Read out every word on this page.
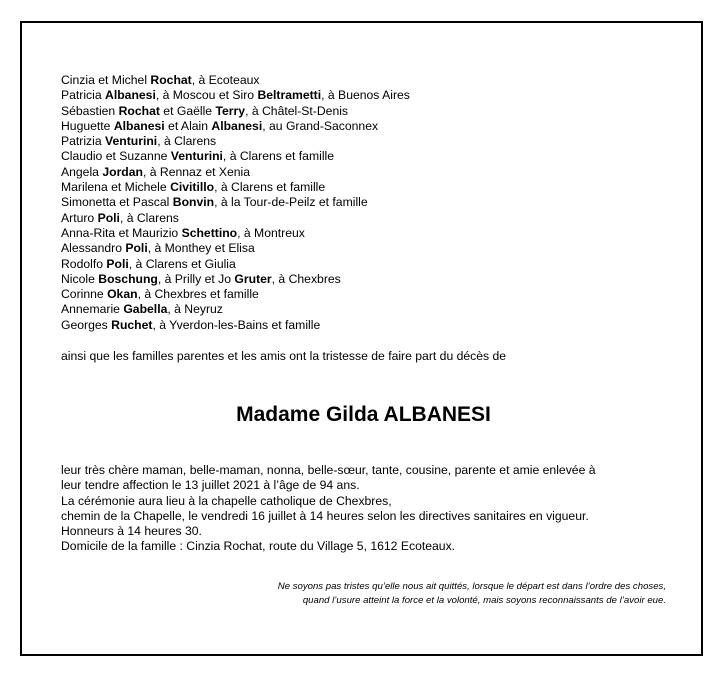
Cinzia et Michel Rochat, à Ecoteaux
Patricia Albanesi, à Moscou et Siro Beltrametti, à Buenos Aires
Sébastien Rochat et Gaëlle Terry, à Châtel-St-Denis
Huguette Albanesi et Alain Albanesi, au Grand-Saconnex
Patrizia Venturini, à Clarens
Claudio et Suzanne Venturini, à Clarens et famille
Angela Jordan, à Rennaz et Xenia
Marilena et Michele Civitillo, à Clarens et famille
Simonetta et Pascal Bonvin, à la Tour-de-Peilz et famille
Arturo Poli, à Clarens
Anna-Rita et Maurizio Schettino, à Montreux
Alessandro Poli, à Monthey et Elisa
Rodolfo Poli, à Clarens et Giulia
Nicole Boschung, à Prilly et Jo Gruter, à Chexbres
Corinne Okan, à Chexbres et famille
Annemarie Gabella, à Neyruz
Georges Ruchet, à Yverdon-les-Bains et famille
ainsi que les familles parentes et les amis ont la tristesse de faire part du décès de
Madame Gilda ALBANESI
leur très chère maman, belle-maman, nonna, belle-sœur, tante, cousine, parente et amie enlevée à
leur tendre affection le 13 juillet 2021 à l’âge de 94 ans.
La cérémonie aura lieu à la chapelle catholique de Chexbres,
chemin de la Chapelle, le vendredi 16 juillet à 14 heures selon les directives sanitaires en vigueur.
Honneurs à 14 heures 30.
Domicile de la famille : Cinzia Rochat, route du Village 5, 1612 Ecoteaux.
Ne soyons pas tristes qu’elle nous ait quittés, lorsque le départ est dans l’ordre des choses,
quand l’usure atteint la force et la volonté, mais soyons reconnaissants de l’avoir eue.
